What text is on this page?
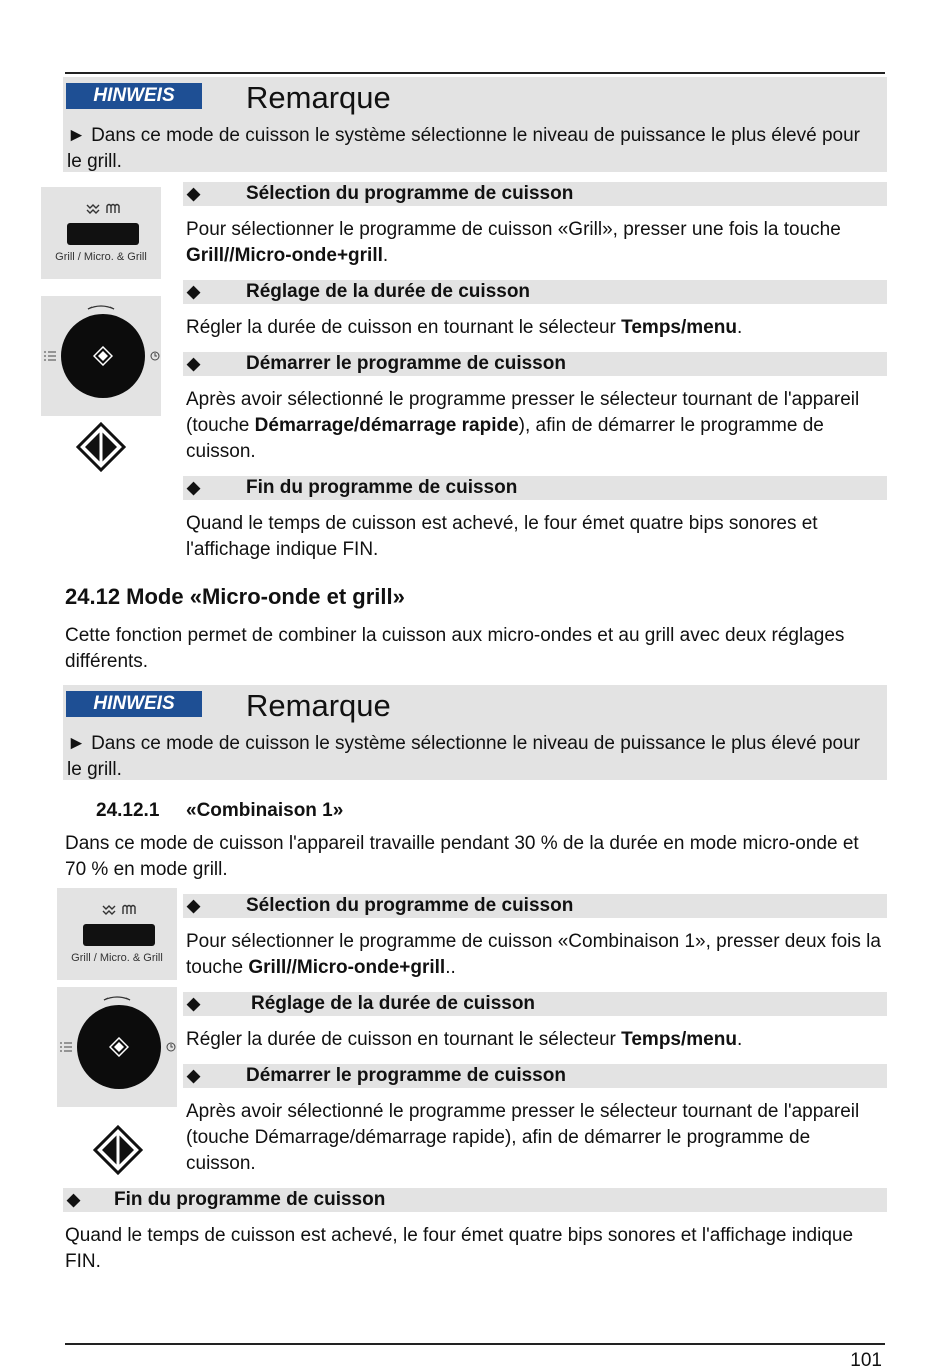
HINWEIS	Remarque
► Dans ce mode de cuisson le système sélectionne le niveau de puissance le plus élevé pour le grill.
Grill / Micro. & Grill
◆ Sélection du programme de cuisson
Pour sélectionner le programme de cuisson «Grill», presser une fois la touche Grill//Micro-onde+grill.
◆ Réglage de la durée de cuisson
Régler la durée de cuisson en tournant le sélecteur Temps/menu.
◆ Démarrer le programme de cuisson
Après avoir sélectionné le programme presser le sélecteur tournant de l'appareil (touche Démarrage/démarrage rapide), afin de démarrer le programme de cuisson.
◆ Fin du programme de cuisson
Quand le temps de cuisson est achevé, le four émet quatre bips sonores et l'affichage indique FIN.
24.12 Mode «Micro-onde et grill»
Cette fonction permet de combiner la cuisson aux micro-ondes et au grill avec deux réglages différents.
HINWEIS	Remarque
► Dans ce mode de cuisson le système sélectionne le niveau de puissance le plus élevé pour le grill.
24.12.1 «Combinaison 1»
Dans ce mode de cuisson l'appareil travaille pendant 30 % de la durée en mode micro-onde et 70 % en mode grill.
Grill / Micro. & Grill
◆ Sélection du programme de cuisson
Pour sélectionner le programme de cuisson «Combinaison 1», presser deux fois la touche Grill//Micro-onde+grill..
◆	Réglage de la durée de cuisson
Régler la durée de cuisson en tournant le sélecteur Temps/menu.
◆ Démarrer le programme de cuisson
Après avoir sélectionné le programme presser le sélecteur tournant de l'appareil (touche Démarrage/démarrage rapide), afin de démarrer le programme de cuisson.
◆ Fin du programme de cuisson
Quand le temps de cuisson est achevé, le four émet quatre bips sonores et l'affichage indique FIN.
101
